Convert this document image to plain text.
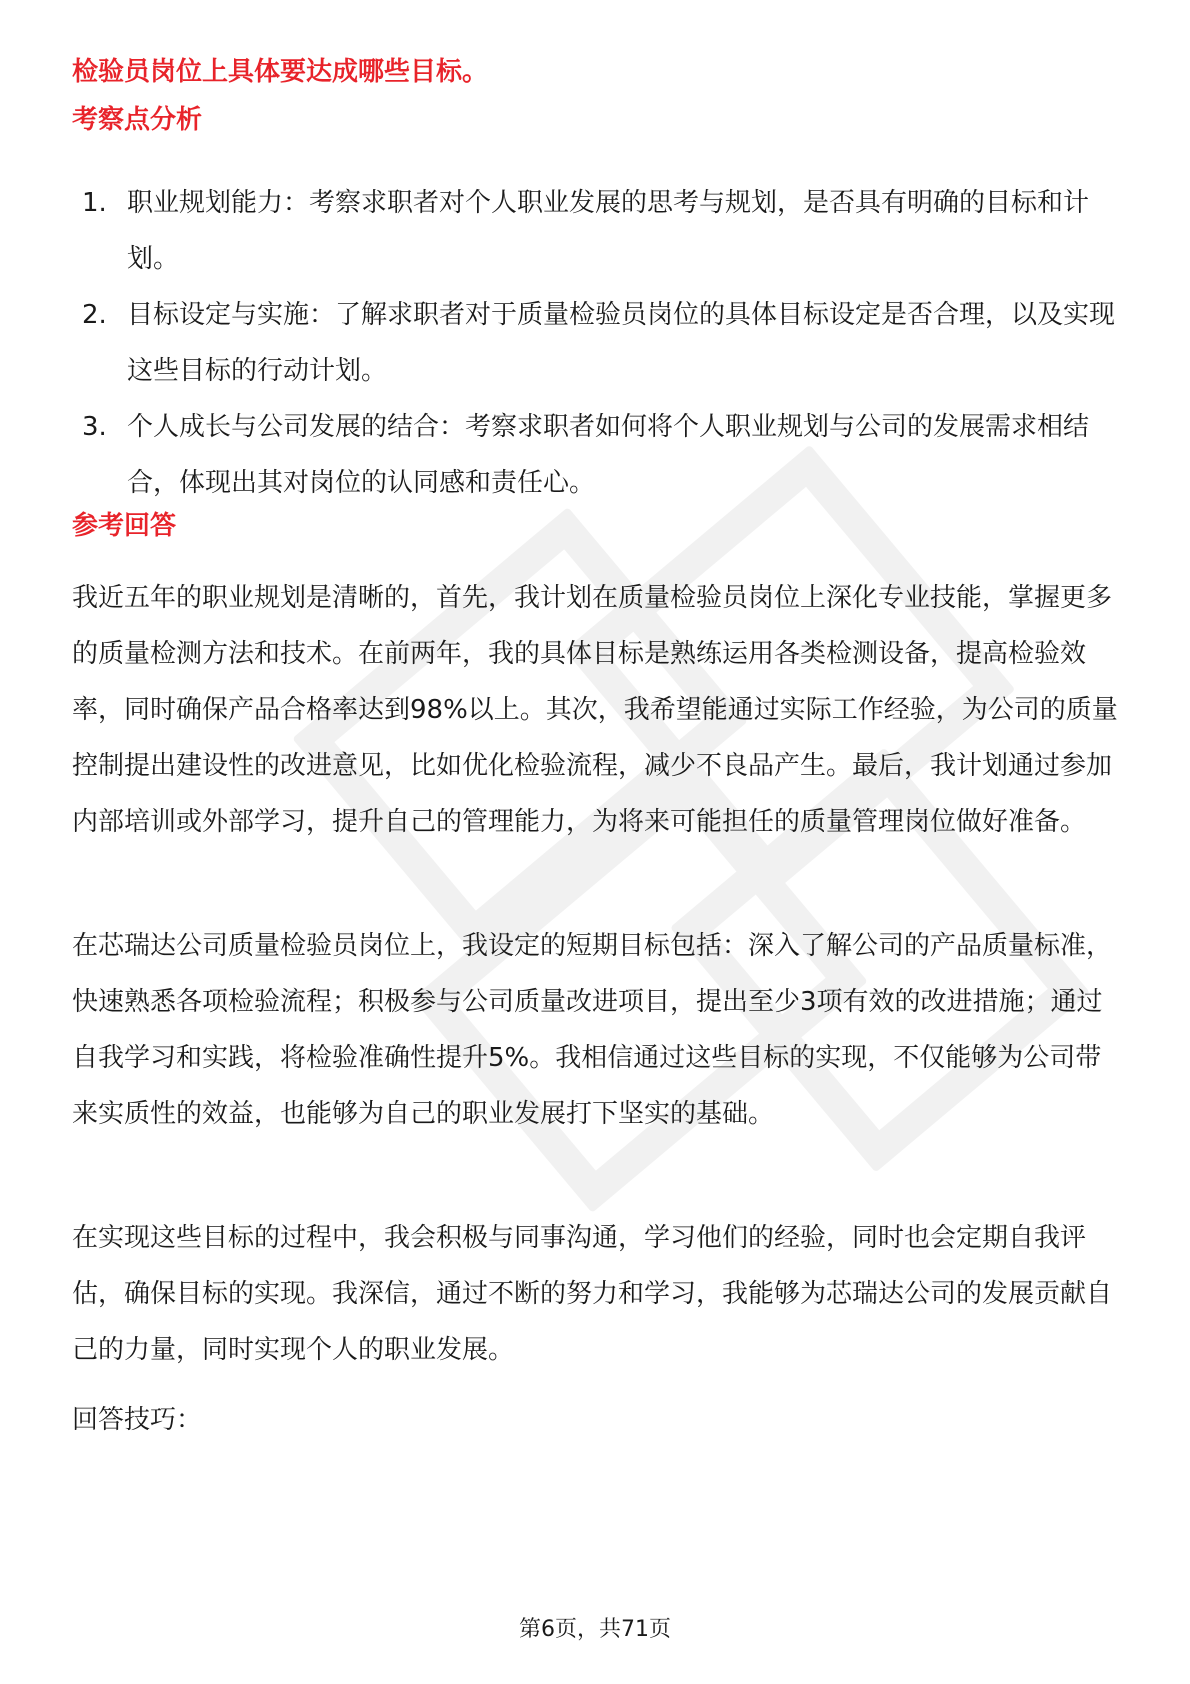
检验员岗位上具体要达成哪些目标。
考察点分析
1. 职业规划能力：考察求职者对个人职业发展的思考与规划，是否具有明确的目标和计划。
2. 目标设定与实施：了解求职者对于质量检验员岗位的具体目标设定是否合理，以及实现这些目标的行动计划。
3. 个人成长与公司发展的结合：考察求职者如何将个人职业规划与公司的发展需求相结合，体现出其对岗位的认同感和责任心。
参考回答

我近五年的职业规划是清晰的，首先，我计划在质量检验员岗位上深化专业技能，掌握更多的质量检测方法和技术。在前两年，我的具体目标是熟练运用各类检测设备，提高检验效率，同时确保产品合格率达到98%以上。其次，我希望能通过实际工作经验，为公司的质量控制提出建设性的改进意见，比如优化检验流程，减少不良品产生。最后，我计划通过参加内部培训或外部学习，提升自己的管理能力，为将来可能担任的质量管理岗位做好准备。

在芯瑞达公司质量检验员岗位上，我设定的短期目标包括：深入了解公司的产品质量标准，快速熟悉各项检验流程；积极参与公司质量改进项目，提出至少3项有效的改进措施；通过自我学习和实践，将检验准确性提升5%。我相信通过这些目标的实现，不仅能够为公司带来实质性的效益，也能够为自己的职业发展打下坚实的基础。

在实现这些目标的过程中，我会积极与同事沟通，学习他们的经验，同时也会定期自我评估，确保目标的实现。我深信，通过不断的努力和学习，我能够为芯瑞达公司的发展贡献自己的力量，同时实现个人的职业发展。

回答技巧：

第6页，共71页
